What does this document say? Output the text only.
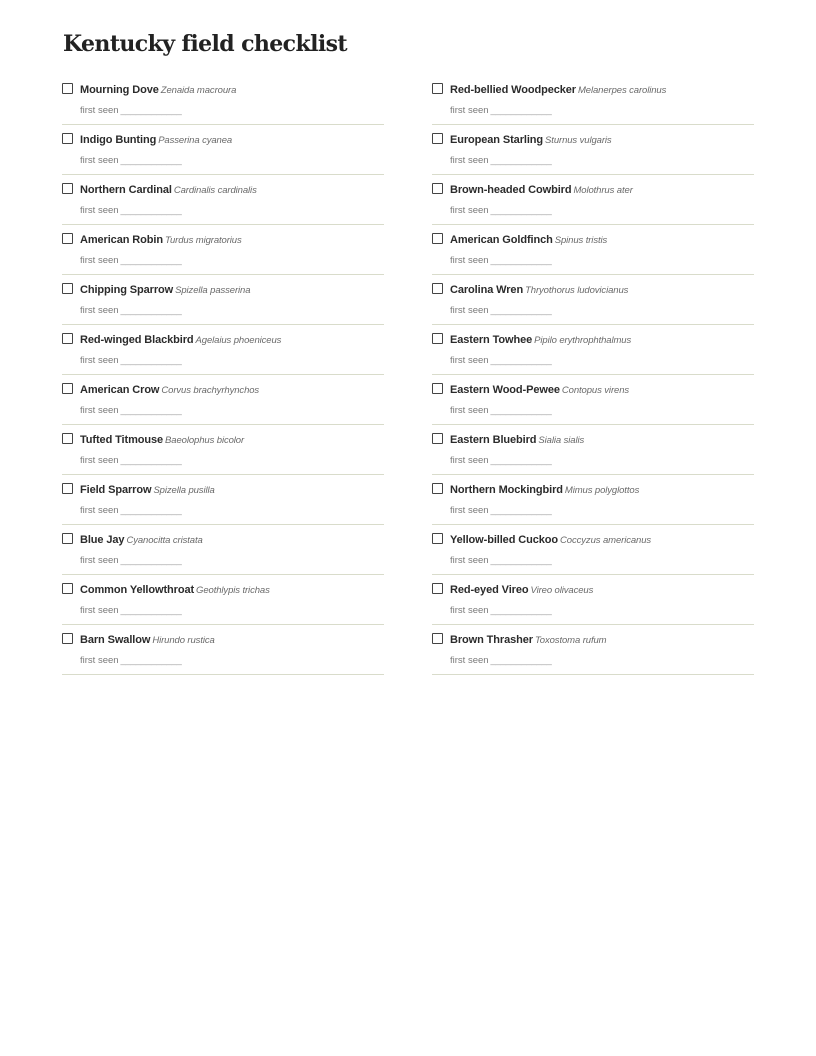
Kentucky field checklist
Mourning Dove Zenaida macroura
first seen ____________
Indigo Bunting Passerina cyanea
first seen ____________
Northern Cardinal Cardinalis cardinalis
first seen ____________
American Robin Turdus migratorius
first seen ____________
Chipping Sparrow Spizella passerina
first seen ____________
Red-winged Blackbird Agelaius phoeniceus
first seen ____________
American Crow Corvus brachyrhynchos
first seen ____________
Tufted Titmouse Baeolophus bicolor
first seen ____________
Field Sparrow Spizella pusilla
first seen ____________
Blue Jay Cyanocitta cristata
first seen ____________
Common Yellowthroat Geothlypis trichas
first seen ____________
Barn Swallow Hirundo rustica
first seen ____________
Red-bellied Woodpecker Melanerpes carolinus
first seen ____________
European Starling Sturnus vulgaris
first seen ____________
Brown-headed Cowbird Molothrus ater
first seen ____________
American Goldfinch Spinus tristis
first seen ____________
Carolina Wren Thryothorus ludovicianus
first seen ____________
Eastern Towhee Pipilo erythrophthalmus
first seen ____________
Eastern Wood-Pewee Contopus virens
first seen ____________
Eastern Bluebird Sialia sialis
first seen ____________
Northern Mockingbird Mimus polyglottos
first seen ____________
Yellow-billed Cuckoo Coccyzus americanus
first seen ____________
Red-eyed Vireo Vireo olivaceus
first seen ____________
Brown Thrasher Toxostoma rufum
first seen ____________
